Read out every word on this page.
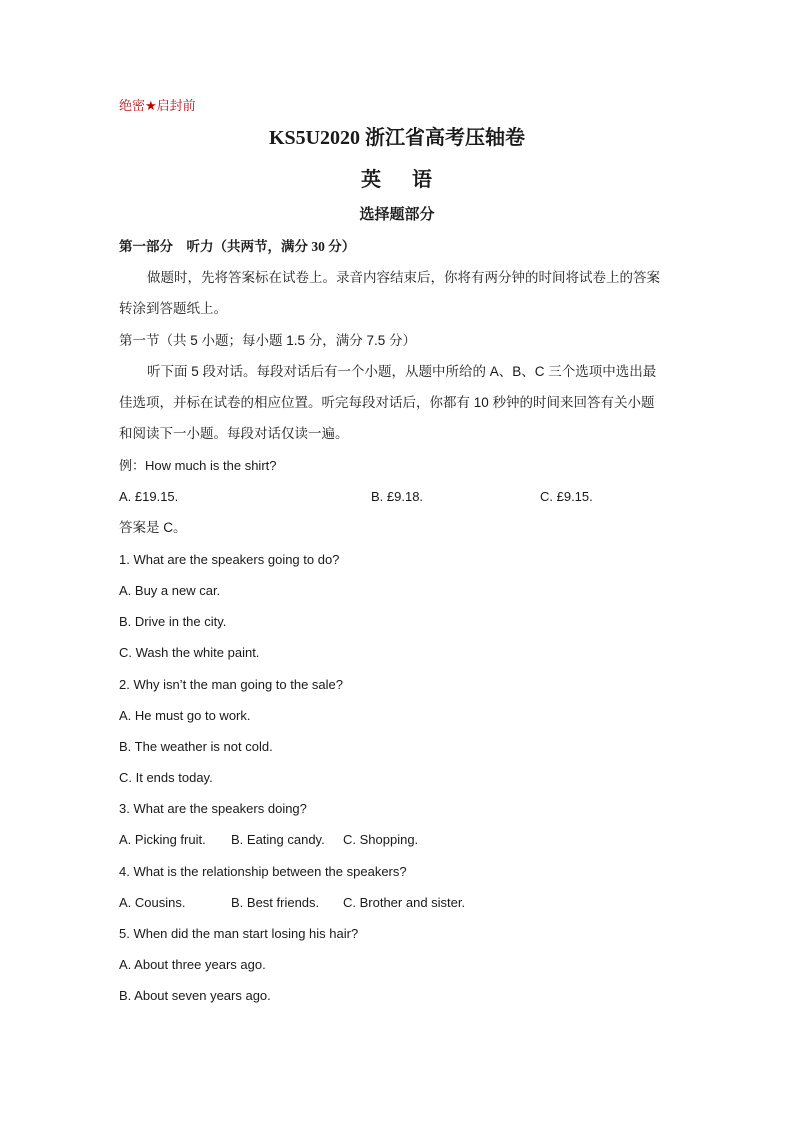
绝密★启封前
KS5U2020 浙江省高考压轴卷
英 语
选择题部分
第一部分　听力（共两节，满分 30 分）
做题时，先将答案标在试卷上。录音内容结束后，你将有两分钟的时间将试卷上的答案
转涂到答题纸上。
第一节（共 5 小题；每小题 1.5 分，满分 7.5 分）
听下面 5 段对话。每段对话后有一个小题，从题中所给的 A、B、C 三个选项中选出最
佳选项，并标在试卷的相应位置。听完每段对话后，你都有 10 秒钟的时间来回答有关小题
和阅读下一小题。每段对话仅读一遍。
例：How much is the shirt?
A. £19.15.	B. £9.18.	C. £9.15.
答案是 C。
1. What are the speakers going to do?
A. Buy a new car.
B. Drive in the city.
C. Wash the white paint.
2. Why isn’t the man going to the sale?
A. He must go to work.
B. The weather is not cold.
C. It ends today.
3. What are the speakers doing?
A. Picking fruit. B. Eating candy. C. Shopping.
4. What is the relationship between the speakers?
A. Cousins.	B. Best friends. C. Brother and sister.
5. When did the man start losing his hair?
A. About three years ago.
B. About seven years ago.
